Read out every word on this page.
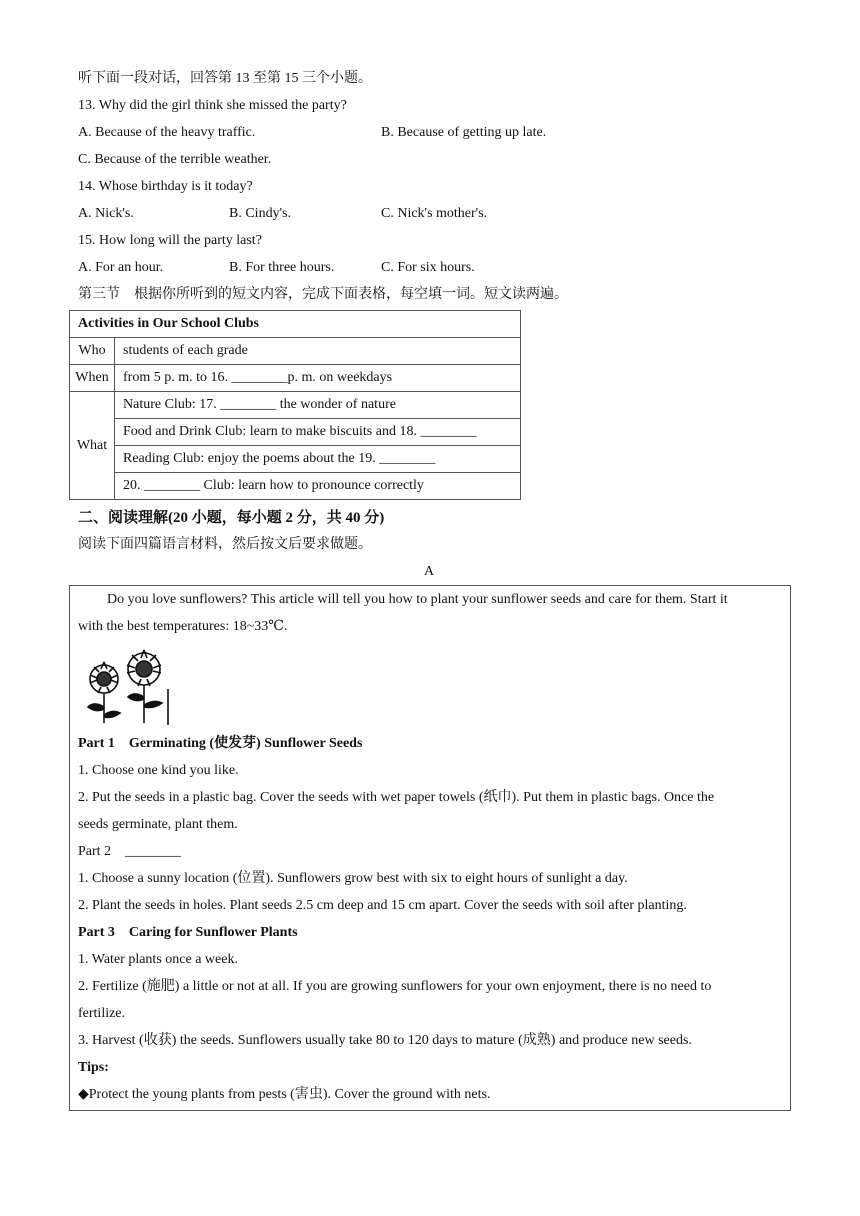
听下面一段对话，回答第 13 至第 15 三个小题。
13. Why did the girl think she missed the party?
A. Because of the heavy traffic.	B. Because of getting up late.
C. Because of the terrible weather.
14. Whose birthday is it today?
A. Nick's.	B. Cindy's.	C. Nick's mother's.
15. How long will the party last?
A. For an hour.	B. For three hours.	C. For six hours.
第三节　根据你所听到的短文内容，完成下面表格，每空填一词。短文读两遍。
Activities in Our School Clubs	
Who	students of each grade
When	from 5 p. m. to 16. ________p. m. on weekdays
What	Nature Club: 17. ________ the wonder of nature
	Food and Drink Club: learn to make biscuits and 18. ________
	Reading Club: enjoy the poems about the 19. ________
	20. ________ Club: learn how to pronounce correctly
二、阅读理解(20 小题，每小题 2 分，共 40 分)
阅读下面四篇语言材料，然后按文后要求做题。
A
Do you love sunflowers? This article will tell you how to plant your sunflower seeds and care for them. Start it
with the best temperatures: 18~33℃.
Part 1　Germinating (使发芽) Sunflower Seeds
1. Choose one kind you like.
2. Put the seeds in a plastic bag. Cover the seeds with wet paper towels (纸巾). Put them in plastic bags. Once the
seeds germinate, plant them.
Part 2　________
1. Choose a sunny location (位置). Sunflowers grow best with six to eight hours of sunlight a day.
2. Plant the seeds in holes. Plant seeds 2.5 cm deep and 15 cm apart. Cover the seeds with soil after planting.
Part 3　Caring for Sunflower Plants
1. Water plants once a week.
2. Fertilize (施肥) a little or not at all. If you are growing sunflowers for your own enjoyment, there is no need to
fertilize.
3. Harvest (收获) the seeds. Sunflowers usually take 80 to 120 days to mature (成熟) and produce new seeds.
Tips:
◆Protect the young plants from pests (害虫). Cover the ground with nets.
